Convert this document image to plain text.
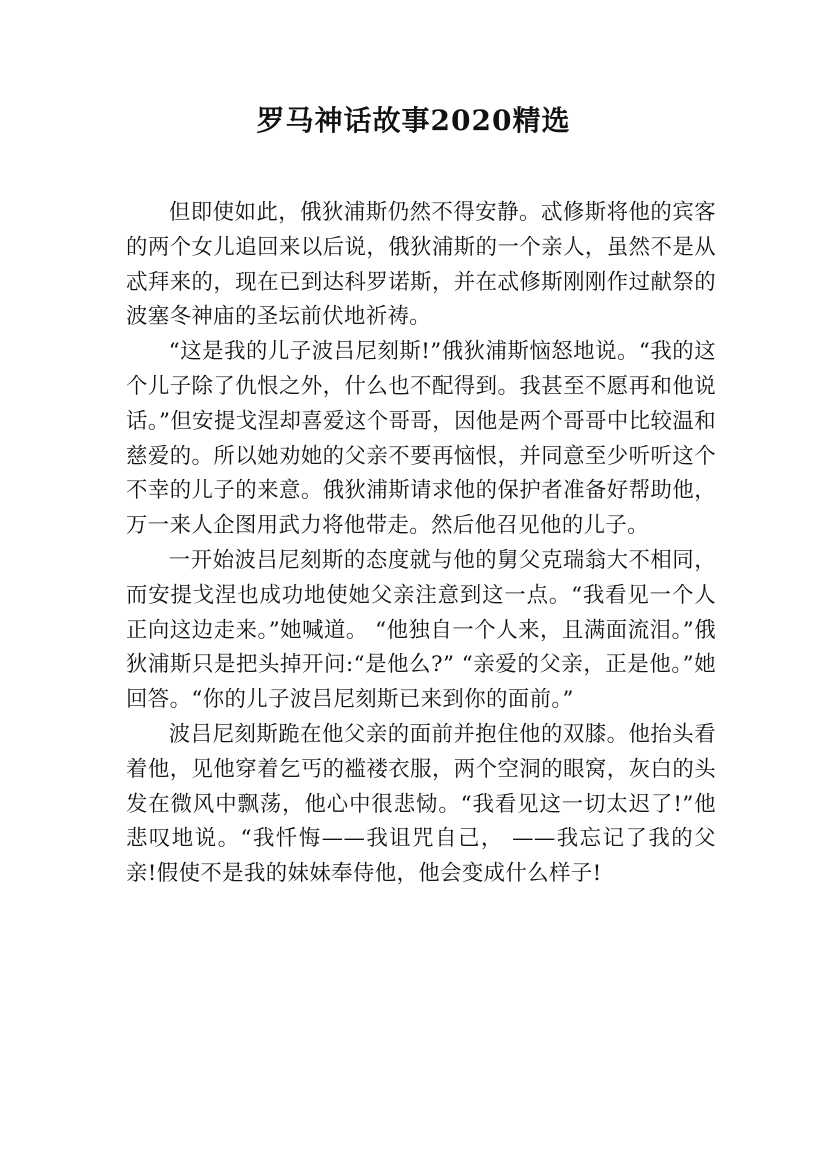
罗马神话故事2020精选

但即使如此，俄狄浦斯仍然不得安静。忒修斯将他的宾客的两个女儿追回来以后说，俄狄浦斯的一个亲人，虽然不是从忒拜来的，现在已到达科罗诺斯，并在忒修斯刚刚作过献祭的波塞冬神庙的圣坛前伏地祈祷。

“这是我的儿子波吕尼刻斯!”俄狄浦斯恼怒地说。“我的这个儿子除了仇恨之外，什么也不配得到。我甚至不愿再和他说话。”但安提戈涅却喜爱这个哥哥，因他是两个哥哥中比较温和慈爱的。所以她劝她的父亲不要再恼恨，并同意至少听听这个不幸的儿子的来意。俄狄浦斯请求他的保护者准备好帮助他，万一来人企图用武力将他带走。然后他召见他的儿子。

一开始波吕尼刻斯的态度就与他的舅父克瑞翁大不相同，而安提戈涅也成功地使她父亲注意到这一点。“我看见一个人正向这边走来。”她喊道。 “他独自一个人来，且满面流泪。”俄狄浦斯只是把头掉开问:“是他么?” “亲爱的父亲，正是他。”她回答。“你的儿子波吕尼刻斯已来到你的面前。”

波吕尼刻斯跪在他父亲的面前并抱住他的双膝。他抬头看着他，见他穿着乞丐的褴褛衣服，两个空洞的眼窝，灰白的头发在微风中飘荡，他心中很悲恸。“我看见这一切太迟了!”他悲叹地说。“我忏悔——我诅咒自己， ——我忘记了我的父亲!假使不是我的妹妹奉侍他，他会变成什么样子!
